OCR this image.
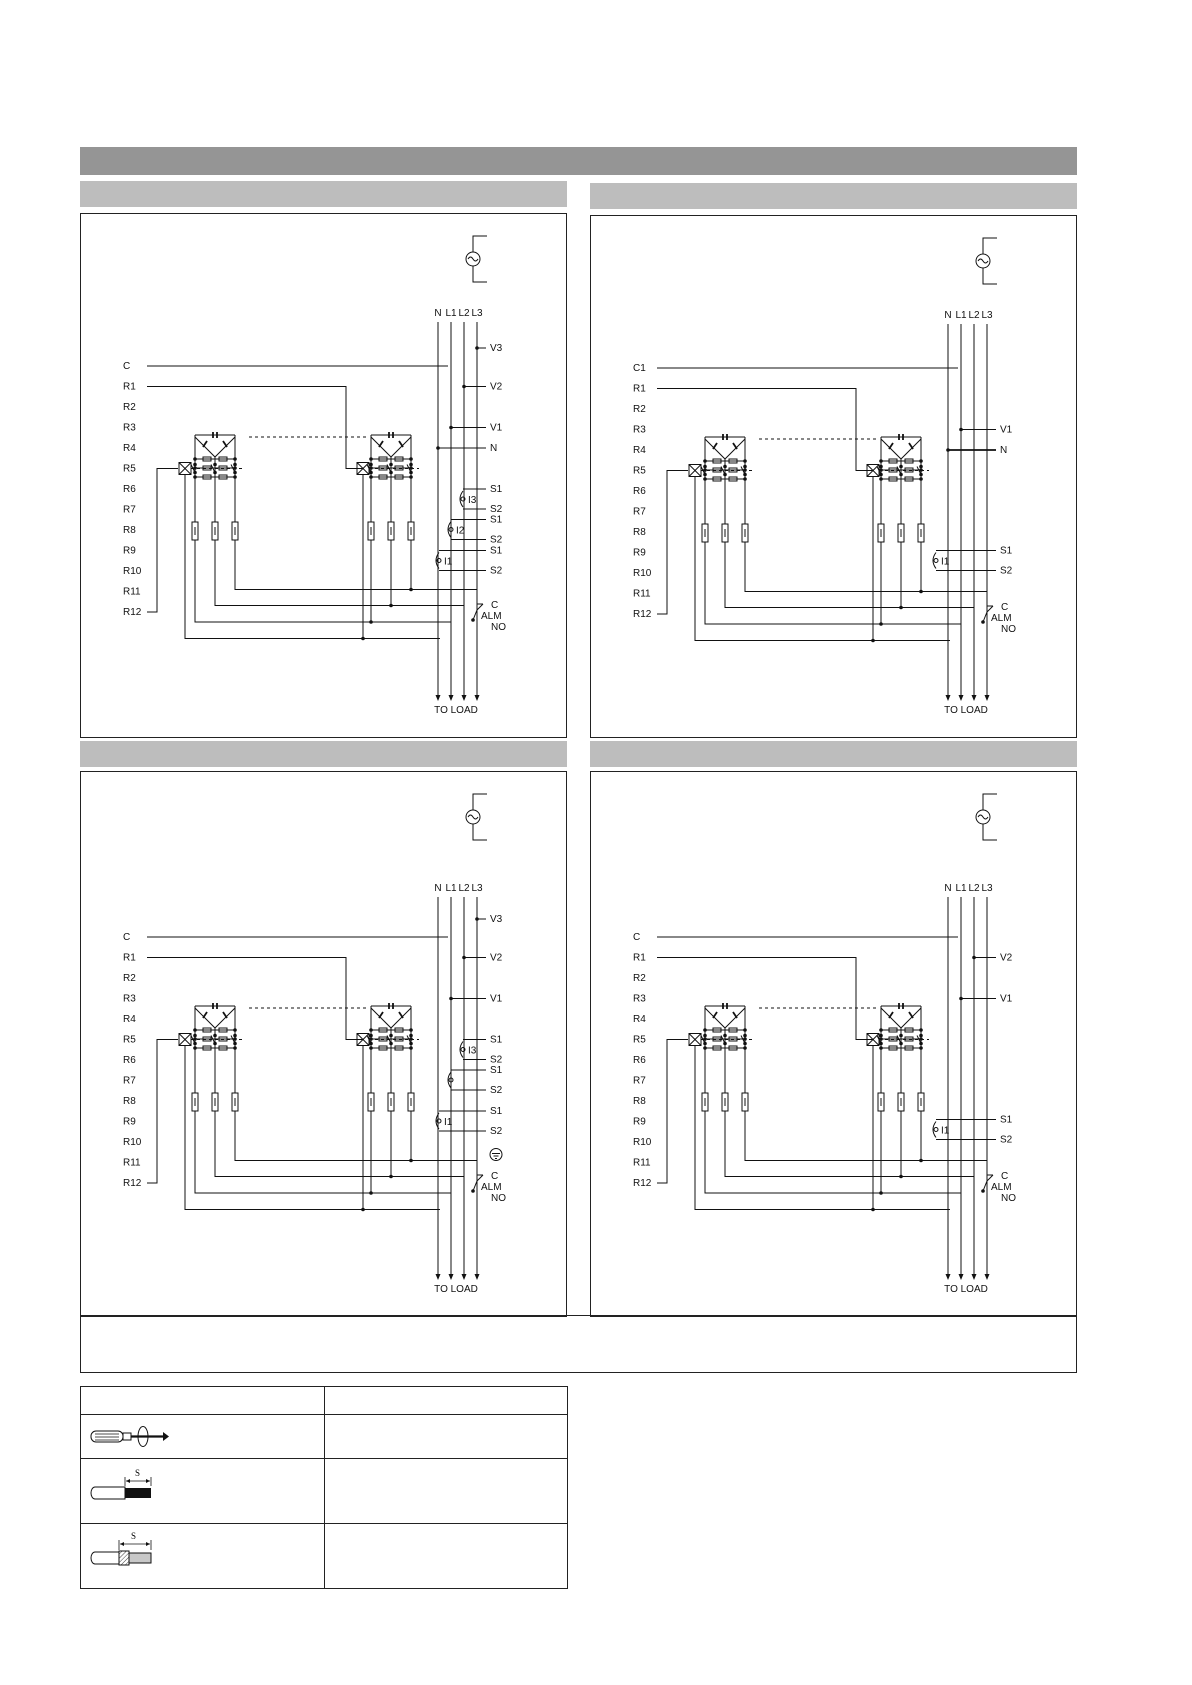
N L1 L2 L3
TO LOAD
C
R1
R2
R3
R4
R5
R6
R7
R8
R9
R10
R11
R12
V3
V2
V1
N
S1
S2
I3
S1
S2
I2
S1
S2
I1
C
ALM
NO
N L1 L2 L3
TO LOAD
C1
R1
R2
R3
R4
R5
R6
R7
R8
R9
R10
R11
R12
V1
N
S1
S2
I1
C
ALM
NO
N L1 L2 L3
TO LOAD
C
R1
R2
R3
R4
R5
R6
R7
R8
R9
R10
R11
R12
V3
V2
V1
S1
S2
I3
S1
S2
S1
S2
I1
C
ALM
NO
N L1 L2 L3
TO LOAD
C
R1
R2
R3
R4
R5
R6
R7
R8
R9
R10
R11
R12
V2
V1
S1
S2
I1
C
ALM
NO

S	

S	
